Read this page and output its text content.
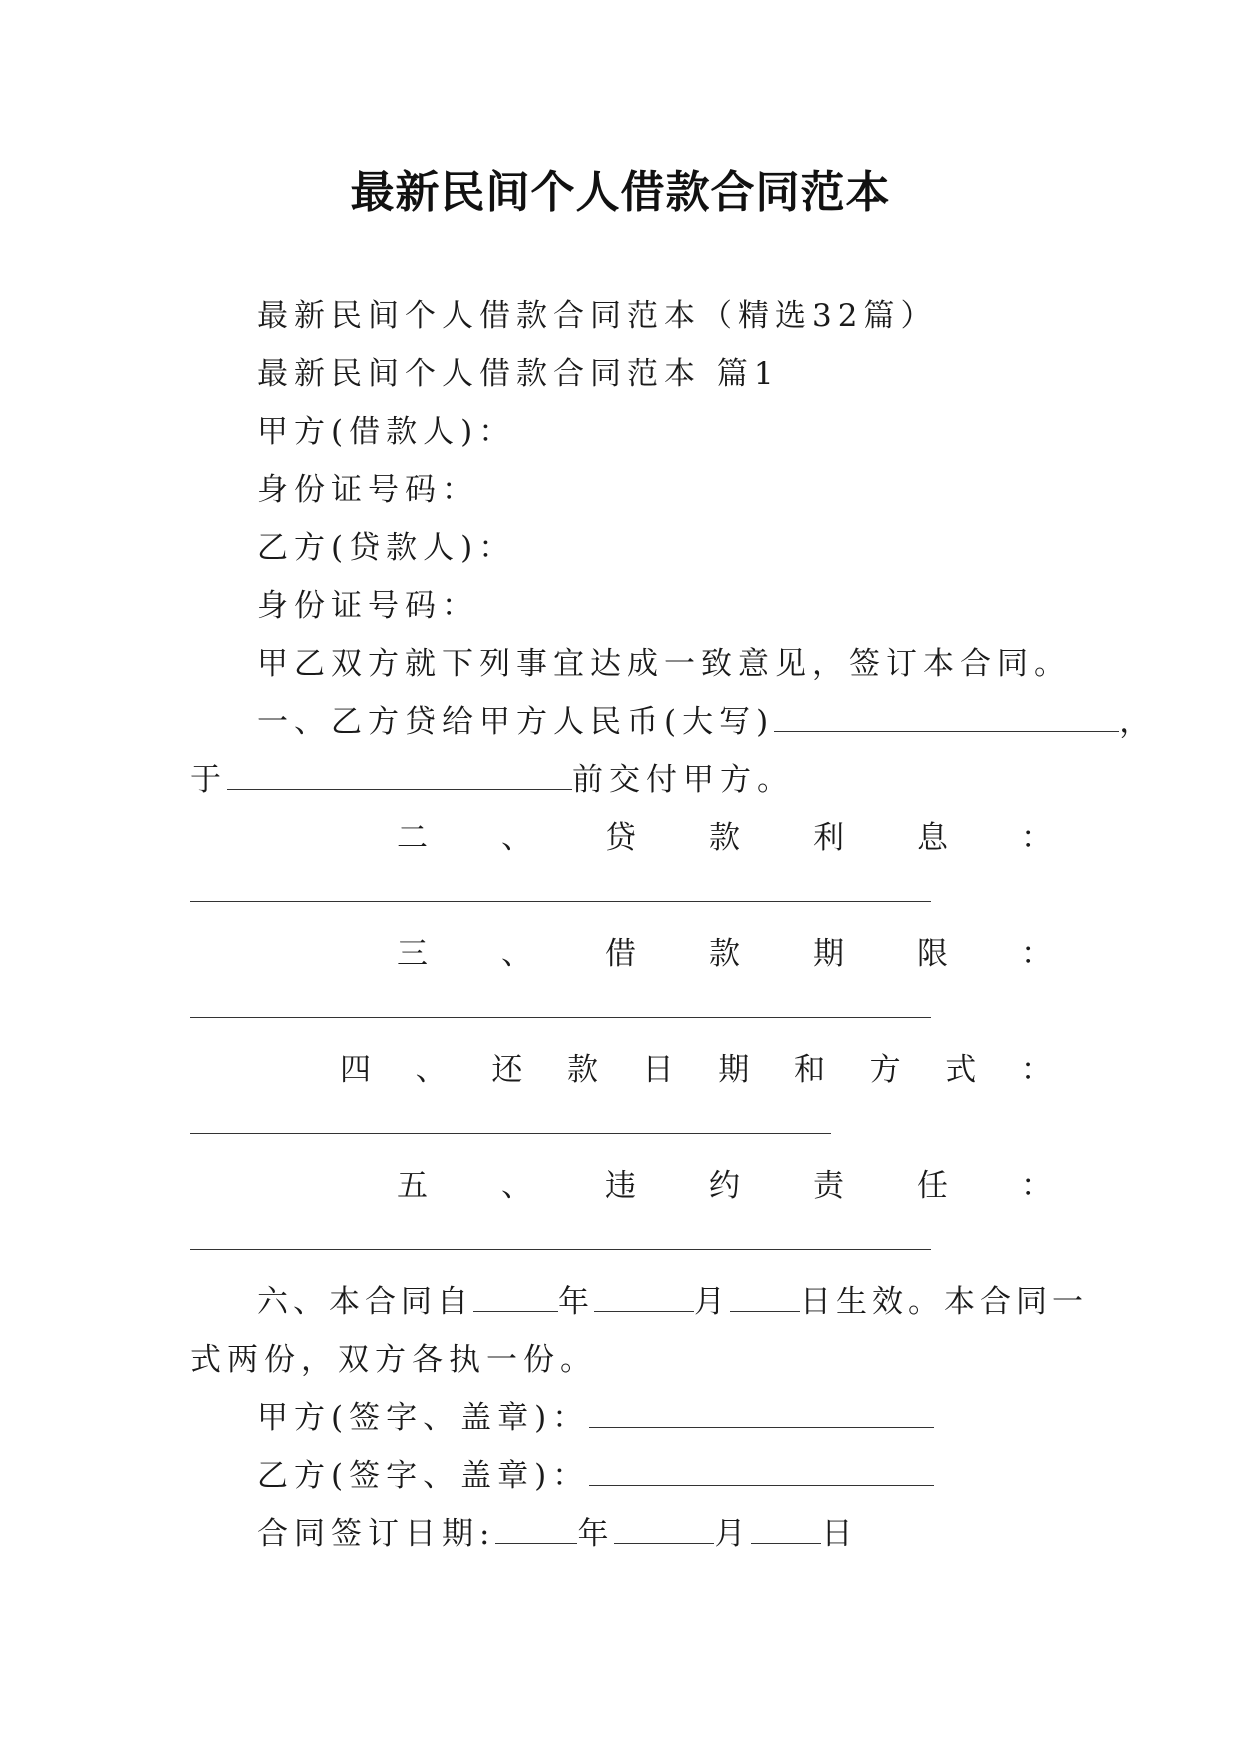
最新民间个人借款合同范本
最新民间个人借款合同范本（精选32篇）
最新民间个人借款合同范本 篇1
甲方(借款人)：
身份证号码：
乙方(贷款人)：
身份证号码：
甲乙双方就下列事宜达成一致意见，签订本合同。
一、乙方贷给甲方人民币(大写)	，
于	前交付甲方。
二 、 贷 款 利 息 ：
三 、 借 款 期 限 ：
四 、 还 款 日 期 和 方 式 ：
五 、 违 约 责 任 ：
六、本合同自	年	月 日生效。本合同一
式两份，双方各执一份。
甲方(签字、盖章)：
乙方(签字、盖章)：
合同签订日期:	年	月 日
